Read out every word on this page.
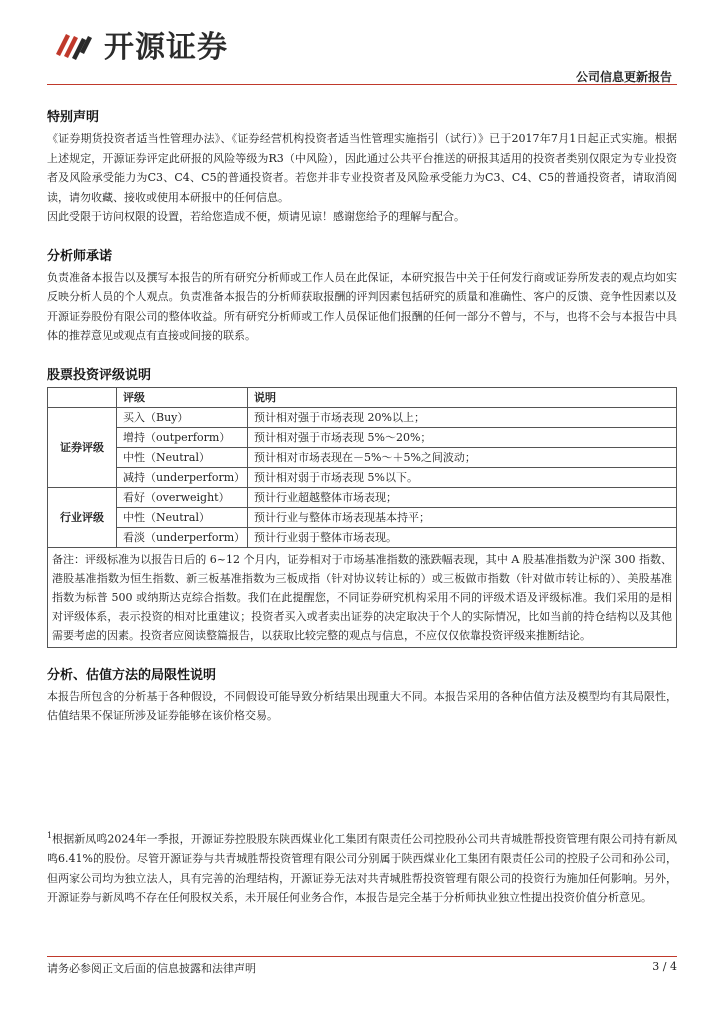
开源证券
公司信息更新报告
特别声明

《证券期货投资者适当性管理办法》、《证券经营机构投资者适当性管理实施指引（试行）》已于2017年7月1日起正式实施。根据上述规定，开源证券评定此研报的风险等级为R3（中风险），因此通过公共平台推送的研报其适用的投资者类别仅限定为专业投资者及风险承受能力为C3、C4、C5的普通投资者。若您并非专业投资者及风险承受能力为C3、C4、C5的普通投资者，请取消阅读，请勿收藏、接收或使用本研报中的任何信息。

因此受限于访问权限的设置，若给您造成不便，烦请见谅！感谢您给予的理解与配合。

分析师承诺

负责准备本报告以及撰写本报告的所有研究分析师或工作人员在此保证，本研究报告中关于任何发行商或证券所发表的观点均如实反映分析人员的个人观点。负责准备本报告的分析师获取报酬的评判因素包括研究的质量和准确性、客户的反馈、竞争性因素以及开源证券股份有限公司的整体收益。所有研究分析师或工作人员保证他们报酬的任何一部分不曾与，不与，也将不会与本报告中具体的推荐意见或观点有直接或间接的联系。

股票投资评级说明
	评级	说明
证券评级	买入（Buy）	预计相对强于市场表现 20%以上；
	增持（outperform）	预计相对强于市场表现 5%～20%；
	中性（Neutral）	预计相对市场表现在－5%～＋5%之间波动；
	减持（underperform）	预计相对弱于市场表现 5%以下。
行业评级	看好（overweight）	预计行业超越整体市场表现；
	中性（Neutral）	预计行业与整体市场表现基本持平；
	看淡（underperform）	预计行业弱于整体市场表现。
备注：评级标准为以报告日后的 6~12 个月内，证券相对于市场基准指数的涨跌幅表现，其中 A 股基准指数为沪深 300 指数、港股基准指数为恒生指数、新三板基准指数为三板成指（针对协议转让标的）或三板做市指数（针对做市转让标的）、美股基准指数为标普 500 或纳斯达克综合指数。我们在此提醒您，不同证券研究机构采用不同的评级术语及评级标准。我们采用的是相对评级体系，表示投资的相对比重建议；投资者买入或者卖出证券的决定取决于个人的实际情况，比如当前的持仓结构以及其他需要考虑的因素。投资者应阅读整篇报告，以获取比较完整的观点与信息，不应仅仅依靠投资评级来推断结论。		
分析、估值方法的局限性说明

本报告所包含的分析基于各种假设，不同假设可能导致分析结果出现重大不同。本报告采用的各种估值方法及模型均有其局限性，估值结果不保证所涉及证券能够在该价格交易。

$^1$根据新凤鸣2024年一季报，开源证券控股股东陕西煤业化工集团有限责任公司控股孙公司共青城胜帮投资管理有限公司持有新凤鸣6.41%的股份。尽管开源证券与共青城胜帮投资管理有限公司分别属于陕西煤业化工集团有限责任公司的控股子公司和孙公司，但两家公司均为独立法人，具有完善的治理结构，开源证券无法对共青城胜帮投资管理有限公司的投资行为施加任何影响。另外，开源证券与新凤鸣不存在任何股权关系，未开展任何业务合作，本报告是完全基于分析师执业独立性提出投资价值分析意见。
请务必参阅正文后面的信息披露和法律声明	3 / 4
